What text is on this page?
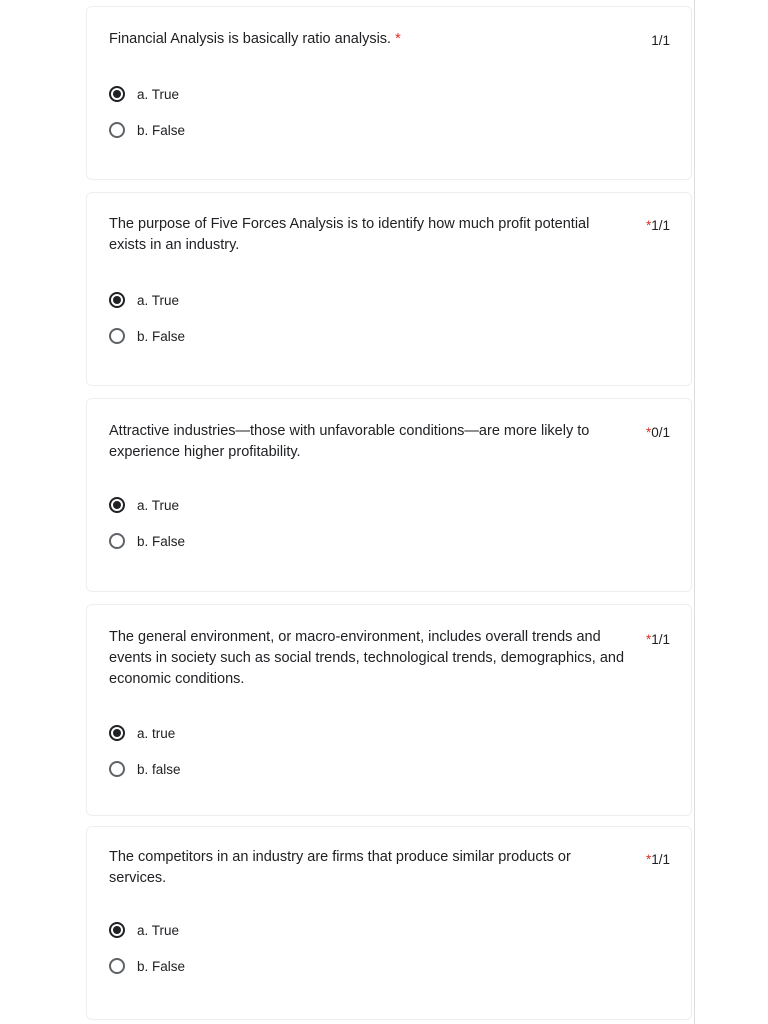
Financial Analysis is basically ratio analysis. *	1/1
a. True
b. False
The purpose of Five Forces Analysis is to identify how much profit potential exists in an industry.
*1/1
a. True
b. False
Attractive industries—those with unfavorable conditions—are more likely to experience higher profitability.
*0/1
a. True
b. False
The general environment, or macro-environment, includes overall trends and events in society such as social trends, technological trends, demographics, and economic conditions.
*1/1
a. true
b. false
The competitors in an industry are firms that produce similar products or services.
*1/1
a. True
b. False
